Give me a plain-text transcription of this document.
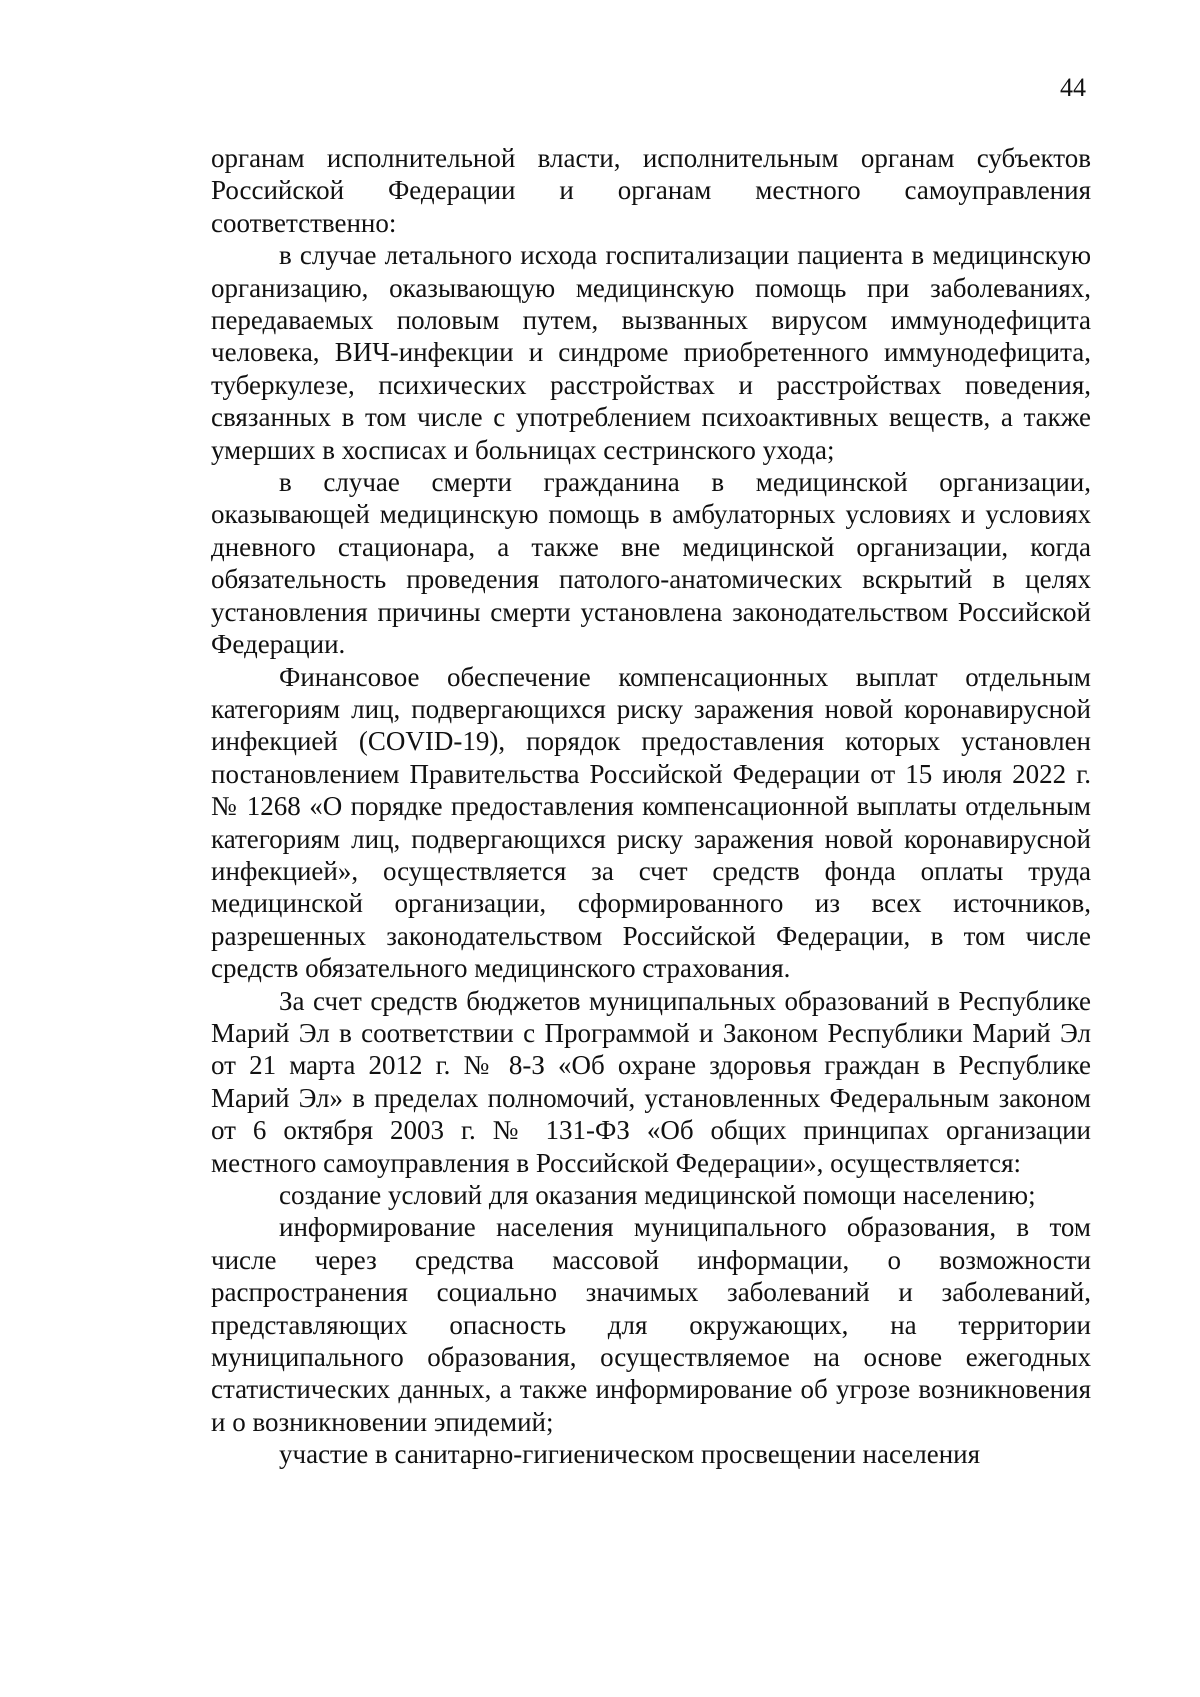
44

органам исполнительной власти, исполнительным органам субъектов Российской Федерации и органам местного самоуправления соответственно:

в случае летального исхода госпитализации пациента в медицинскую организацию, оказывающую медицинскую помощь при заболеваниях, передаваемых половым путем, вызванных вирусом иммунодефицита человека, ВИЧ-инфекции и синдроме приобретенного иммунодефицита, туберкулезе, психических расстройствах и расстройствах поведения, связанных в том числе с употреблением психоактивных веществ, а также умерших в хосписах и больницах сестринского ухода;

в случае смерти гражданина в медицинской организации, оказывающей медицинскую помощь в амбулаторных условиях и условиях дневного стационара, а также вне медицинской организации, когда обязательность проведения патолого-анатомических вскрытий в целях установления причины смерти установлена законодательством Российской Федерации.

Финансовое обеспечение компенсационных выплат отдельным категориям лиц, подвергающихся риску заражения новой коронавирусной инфекцией (COVID-19), порядок предоставления которых установлен постановлением Правительства Российской Федерации от 15 июля 2022 г. № 1268 «О порядке предоставления компенсационной выплаты отдельным категориям лиц, подвергающихся риску заражения новой коронавирусной инфекцией», осуществляется за счет средств фонда оплаты труда медицинской организации, сформированного из всех источников, разрешенных законодательством Российской Федерации, в том числе средств обязательного медицинского страхования.

За счет средств бюджетов муниципальных образований в Республике Марий Эл в соответствии с Программой и Законом Республики Марий Эл от 21 марта 2012 г. № 8-З «Об охране здоровья граждан в Республике Марий Эл» в пределах полномочий, установленных Федеральным законом от 6 октября 2003 г. № 131-ФЗ «Об общих принципах организации местного самоуправления в Российской Федерации», осуществляется:

создание условий для оказания медицинской помощи населению;

информирование населения муниципального образования, в том числе через средства массовой информации, о возможности распространения социально значимых заболеваний и заболеваний, представляющих опасность для окружающих, на территории муниципального образования, осуществляемое на основе ежегодных статистических данных, а также информирование об угрозе возникновения и о возникновении эпидемий;

участие в санитарно-гигиеническом просвещении населения
